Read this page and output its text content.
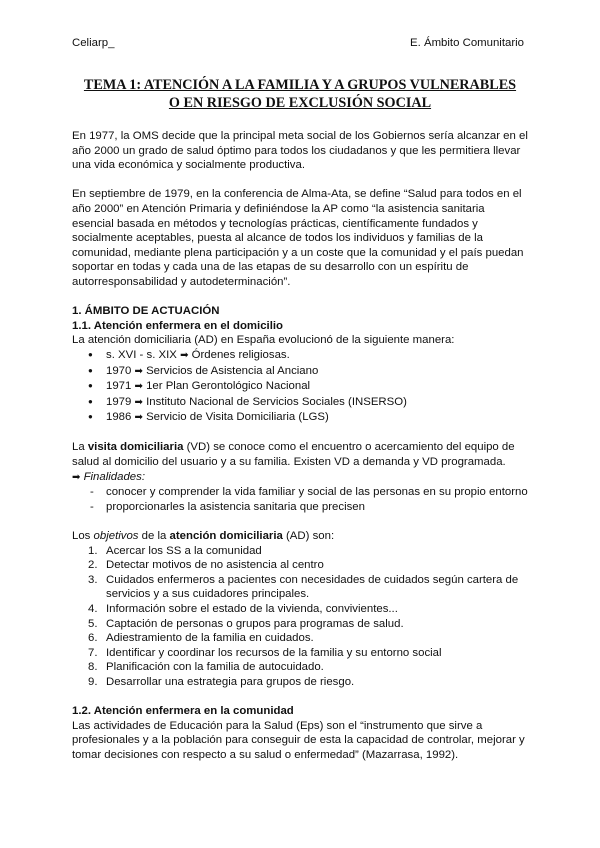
Celiarp_	E. Ámbito Comunitario
TEMA 1: ATENCIÓN A LA FAMILIA Y A GRUPOS VULNERABLES
O EN RIESGO DE EXCLUSIÓN SOCIAL

En 1977, la OMS decide que la principal meta social de los Gobiernos sería alcanzar en el año 2000 un grado de salud óptimo para todos los ciudadanos y que les permitiera llevar una vida económica y socialmente productiva.

En septiembre de 1979, en la conferencia de Alma-Ata, se define “Salud para todos en el año 2000” en Atención Primaria y definiéndose la AP como “la asistencia sanitaria esencial basada en métodos y tecnologías prácticas, científicamente fundados y socialmente aceptables, puesta al alcance de todos los individuos y familias de la comunidad, mediante plena participación y a un coste que la comunidad y el país puedan soportar en todas y cada una de las etapas de su desarrollo con un espíritu de autorresponsabilidad y autodeterminación”.

1. ÁMBITO DE ACTUACIÓN
1.1. Atención enfermera en el domicilio

La atención domiciliaria (AD) en España evolucionó de la siguiente manera:

● s. XVI - s. XIX ➡ Órdenes religiosas.
● 1970 ➡ Servicios de Asistencia al Anciano
● 1971 ➡ 1er Plan Gerontológico Nacional
● 1979 ➡ Instituto Nacional de Servicios Sociales (INSERSO)
● 1986 ➡ Servicio de Visita Domiciliaria (LGS)

La visita domiciliaria (VD) se conoce como el encuentro o acercamiento del equipo de salud al domicilio del usuario y a su familia. Existen VD a demanda y VD programada.

➡ Finalidades:

- conocer y comprender la vida familiar y social de las personas en su propio entorno
- proporcionarles la asistencia sanitaria que precisen

Los objetivos de la atención domiciliaria (AD) son:

1. Acercar los SS a la comunidad
2. Detectar motivos de no asistencia al centro
3. Cuidados enfermeros a pacientes con necesidades de cuidados según cartera de servicios y a sus cuidadores principales.
4. Información sobre el estado de la vivienda, convivientes...
5. Captación de personas o grupos para programas de salud.
6. Adiestramiento de la familia en cuidados.
7. Identificar y coordinar los recursos de la familia y su entorno social
8. Planificación con la familia de autocuidado.
9. Desarrollar una estrategia para grupos de riesgo.
1.2. Atención enfermera en la comunidad

Las actividades de Educación para la Salud (Eps) son el “instrumento que sirve a profesionales y a la población para conseguir de esta la capacidad de controlar, mejorar y tomar decisiones con respecto a su salud o enfermedad” (Mazarrasa, 1992).
